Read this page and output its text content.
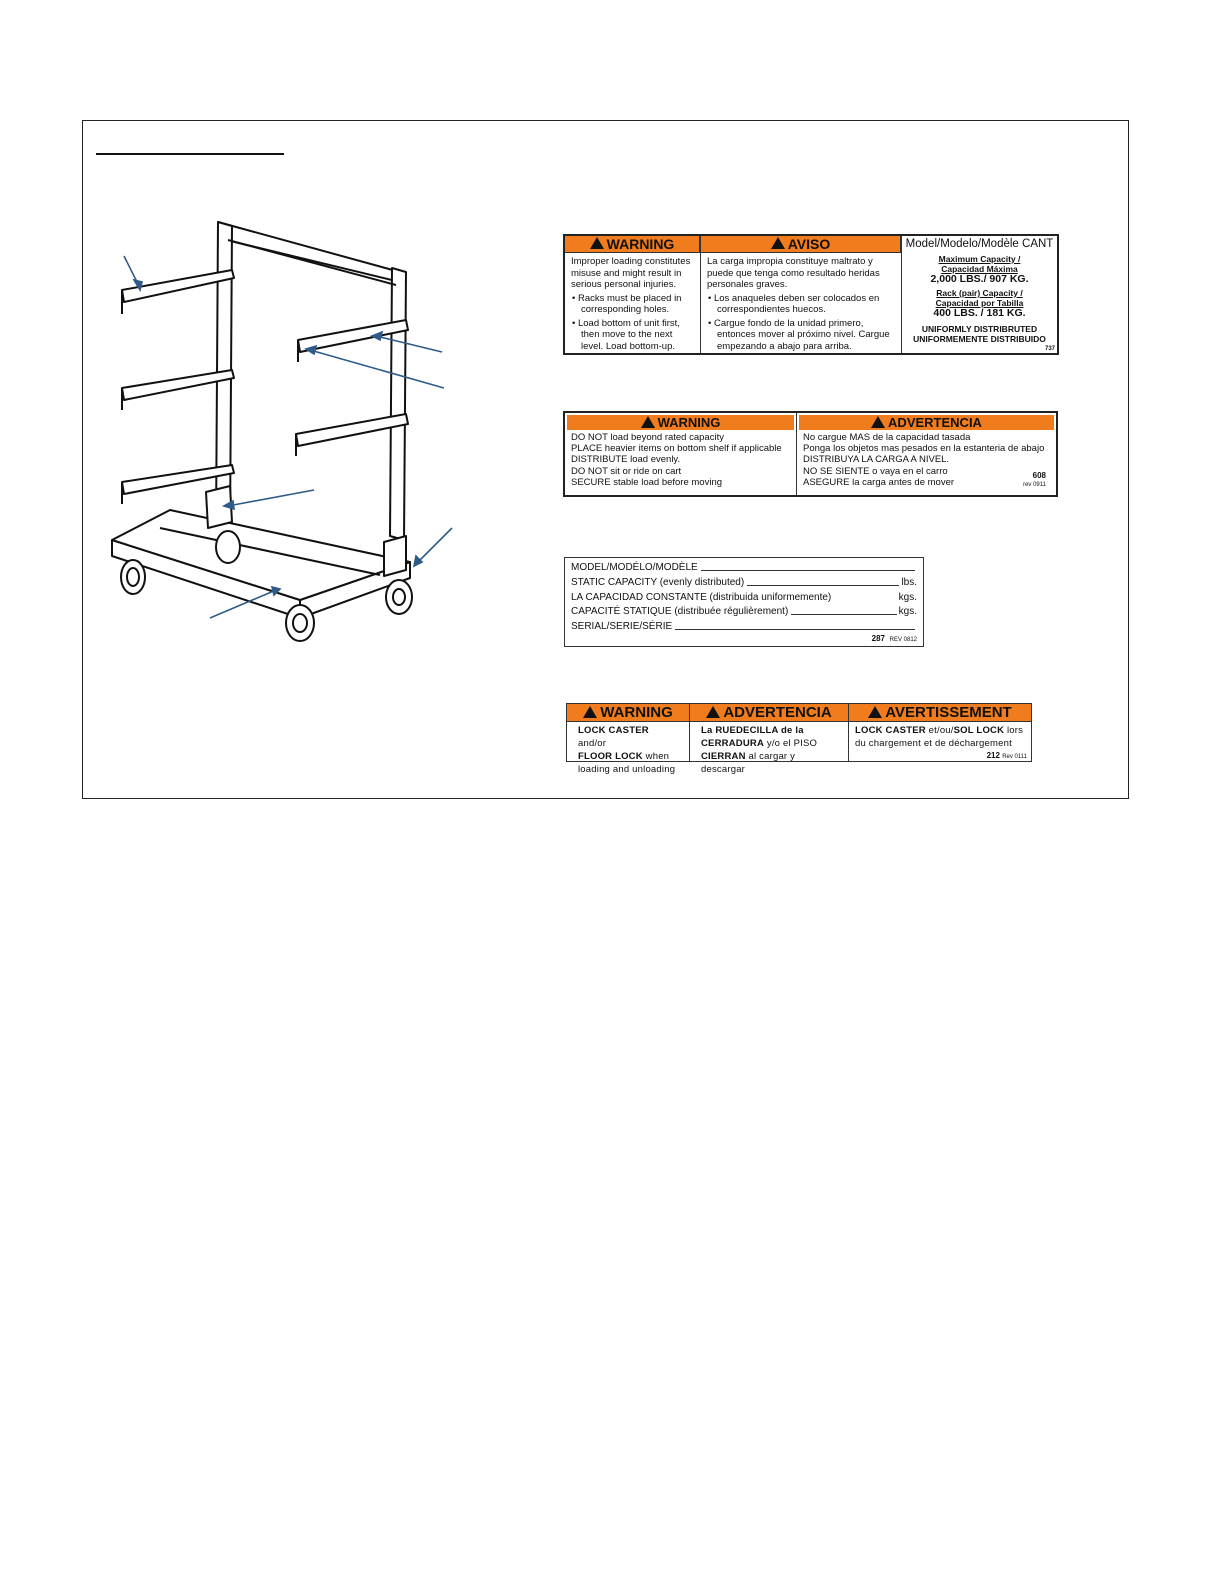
WARNING
Improper loading constitutes misuse and might result in serious personal injuries.
• Racks must be placed in corresponding holes.
• Load bottom of unit first, then move to the next level. Load bottom-up.
AVISO
La carga impropia constituye maltrato y puede que tenga como resultado heridas personales graves.
• Los anaqueles deben ser colocados en correspondientes huecos.
• Cargue fondo de la unidad primero, entonces mover al próximo nivel. Cargue empezando a abajo para arriba.
Model/Modelo/Modèle CANT
Maximum Capacity /
Capacidad Máxima
2,000 LBS./ 907 KG.
Rack (pair) Capacity /
Capacidad por Tabilla
400 LBS. / 181 KG.
UNIFORMLY DISTRIBRUTED
UNIFORMEMENTE DISTRIBUIDO
737
WARNING
DO NOT load beyond rated capacity
PLACE heavier items on bottom shelf if applicable
DISTRIBUTE load evenly.
DO NOT sit or ride on cart
SECURE stable load before moving
ADVERTENCIA
No cargue MAS de la capacidad tasada
Ponga los objetos mas pesados en la estanteria de abajo
DISTRIBUYA LA CARGA A NIVEL.
NO SE SIENTE o vaya en el carro
ASEGURE la carga antes de mover
608
rev 0911
MODEL/MODÉLO/MODÈLE
STATIC CAPACITY (evenly distributed)	lbs.
LA CAPACIDAD CONSTANTE (distribuida uniformemente)	kgs.
CAPACITÉ STATIQUE (distribuée régulièrement)	kgs.
SERIAL/SERIE/SÉRIE
287 REV 0812
WARNING
LOCK CASTER and/or
FLOOR LOCK when loading and unloading
ADVERTENCIA
La RUEDECILLA de la
CERRADURA y/o el PISO
CIERRAN al cargar y descargar
AVERTISSEMENT
LOCK CASTER et/ou/SOL LOCK lors du chargement et de déchargement
212 Rev 0111
